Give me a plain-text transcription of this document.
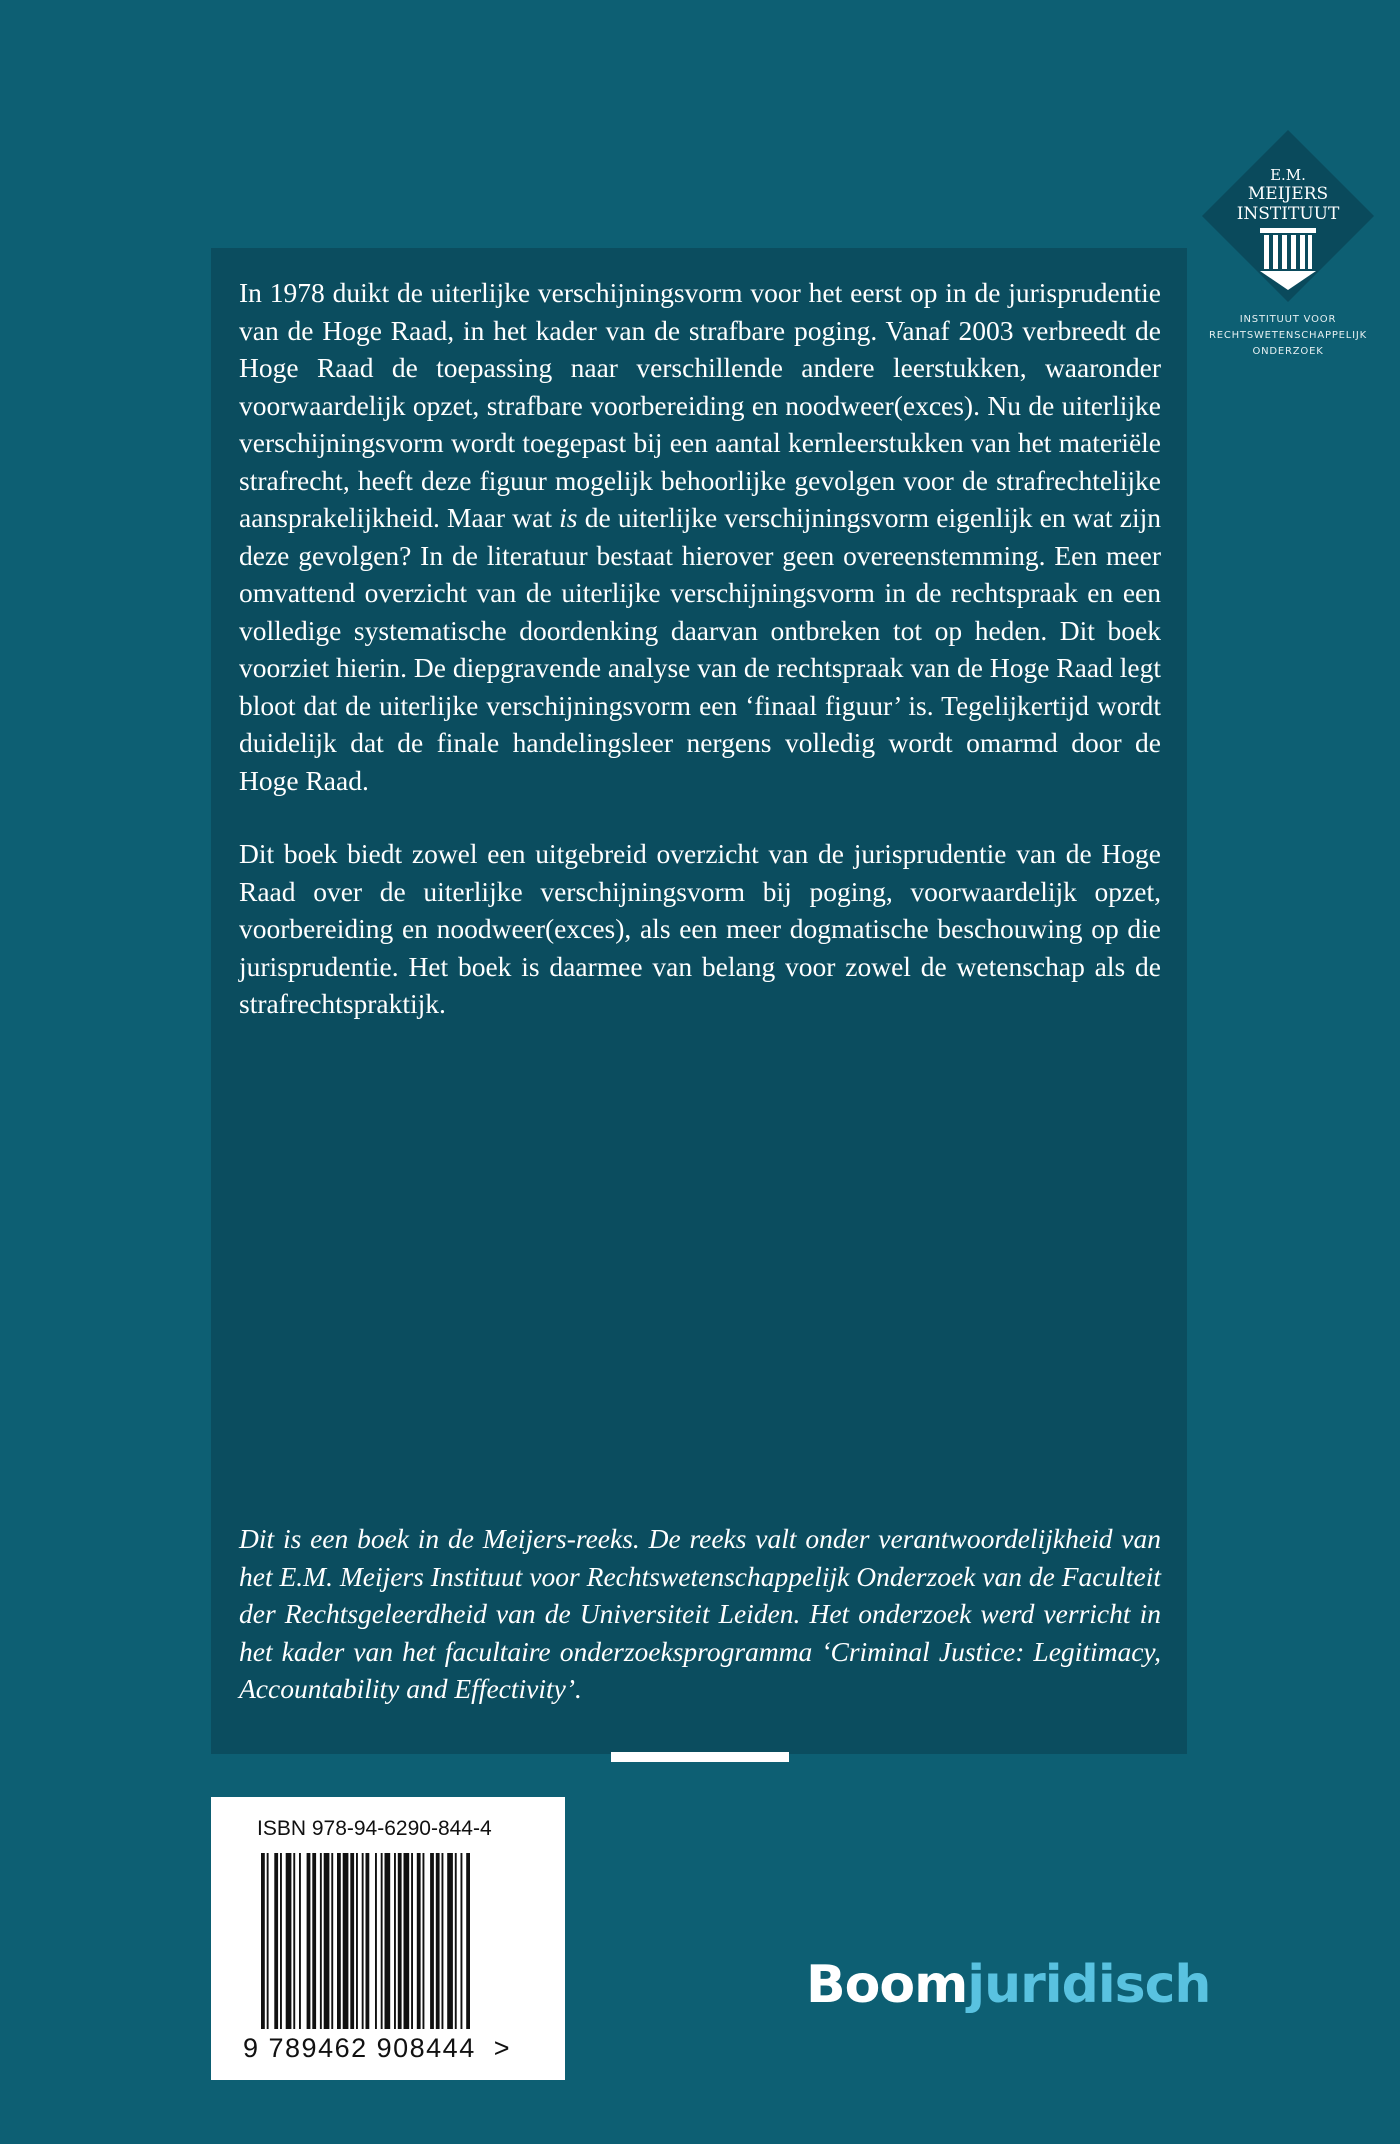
E.M.
MEIJERS
INSTITUUT
INSTITUUT VOOR
RECHTSWETENSCHAPPELIJK
ONDERZOEK

In 1978 duikt de uiterlijke verschijningsvorm voor het eerst op in de jurisprudentie van de Hoge Raad, in het kader van de strafbare poging. Vanaf 2003 verbreedt de Hoge Raad de toepassing naar verschillende andere leerstukken, waaronder voorwaardelijk opzet, strafbare voorbereiding en noodweer(exces). Nu de uiterlijke verschijningsvorm wordt toegepast bij een aantal kernleerstukken van het materiële strafrecht, heeft deze figuur mogelijk behoorlijke gevolgen voor de strafrechtelijke aansprakelijkheid. Maar wat is de uiterlijke verschijningsvorm eigenlijk en wat zijn deze gevolgen? In de literatuur bestaat hierover geen overeenstemming. Een meer omvattend overzicht van de uiterlijke verschijningsvorm in de rechtspraak en een volledige systematische doordenking daarvan ontbreken tot op heden. Dit boek voorziet hierin. De diepgravende analyse van de rechtspraak van de Hoge Raad legt bloot dat de uiterlijke verschijningsvorm een ‘finaal figuur’ is. Tegelijkertijd wordt duidelijk dat de finale handelingsleer nergens volledig wordt omarmd door de Hoge Raad.

Dit boek biedt zowel een uitgebreid overzicht van de jurisprudentie van de Hoge Raad over de uiterlijke verschijningsvorm bij poging, voorwaardelijk opzet, voorbereiding en noodweer(exces), als een meer dogmatische beschouwing op die jurisprudentie. Het boek is daarmee van belang voor zowel de wetenschap als de strafrechtspraktijk.

Dit is een boek in de Meijers-reeks. De reeks valt onder verantwoordelijkheid van het E.M. Meijers Instituut voor Rechtswetenschappelijk Onderzoek van de Faculteit der Rechtsgeleerdheid van de Universiteit Leiden. Het onderzoek werd verricht in het kader van het facultaire onderzoeksprogramma ‘Criminal Justice: Legitimacy, Accountability and Effectivity’.

ISBN 978-94-6290-844-4
9 789462 908444  >
Boomjuridisch
